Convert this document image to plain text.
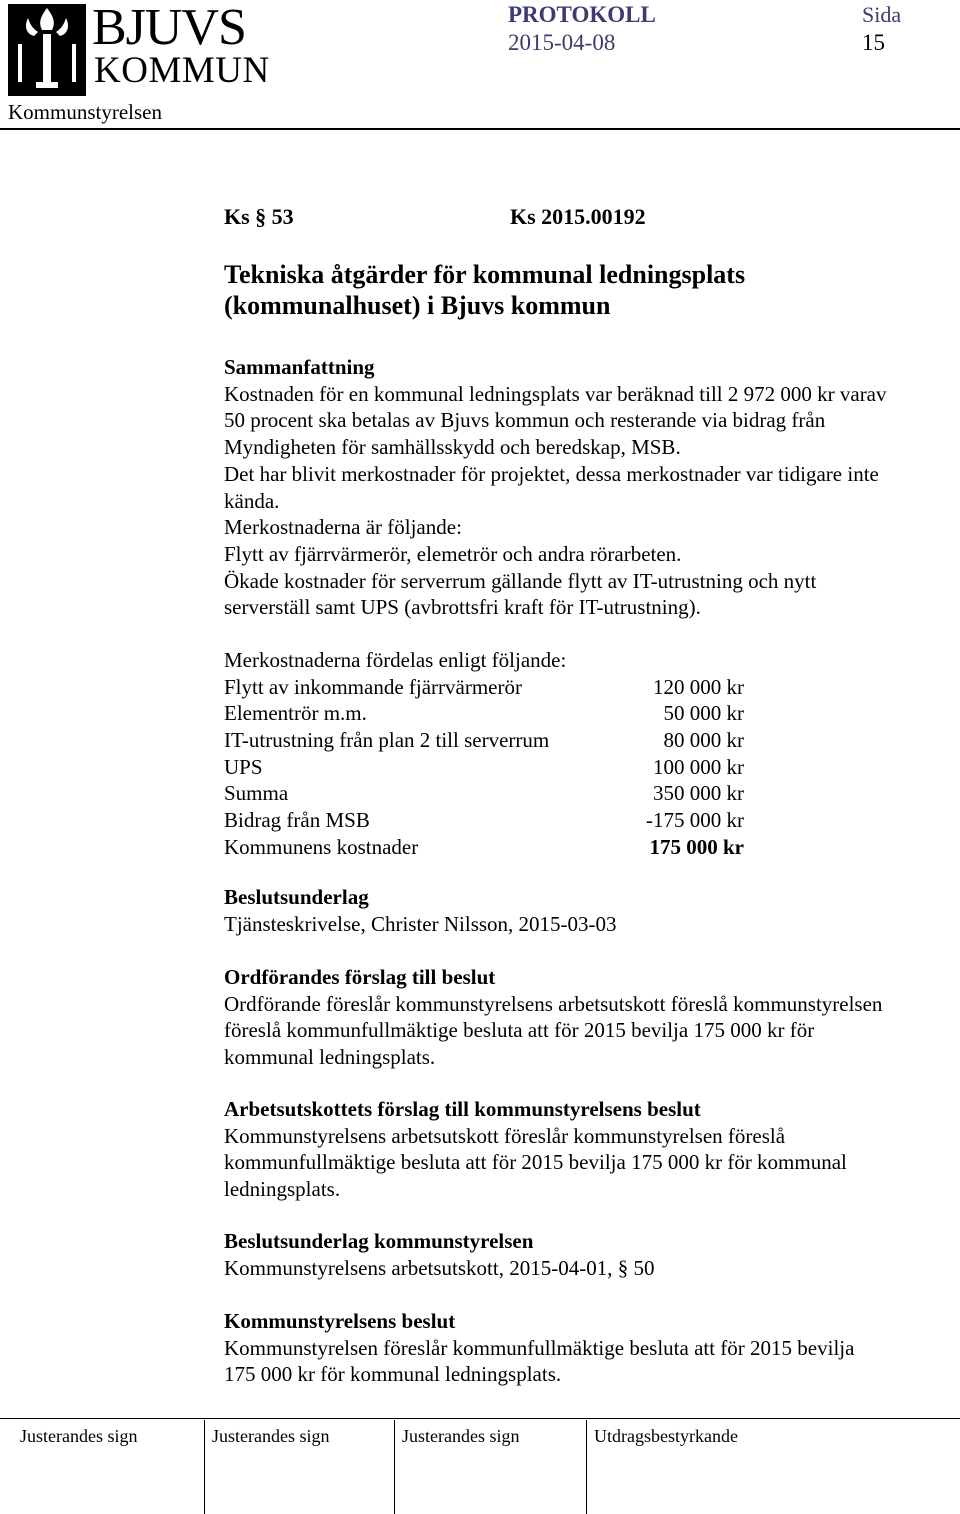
BJUVS
KOMMUN
PROTOKOLL
2015-04-08
Sida
15
Kommunstyrelsen
Ks § 53	Ks 2015.00192
Tekniska åtgärder för kommunal ledningsplats
(kommunalhuset) i Bjuvs kommun
Sammanfattning
Kostnaden för en kommunal ledningsplats var beräknad till 2 972 000 kr varav
50 procent ska betalas av Bjuvs kommun och resterande via bidrag från
Myndigheten för samhällsskydd och beredskap, MSB.
Det har blivit merkostnader för projektet, dessa merkostnader var tidigare inte
kända.
Merkostnaderna är följande:
Flytt av fjärrvärmerör, elemetrör och andra rörarbeten.
Ökade kostnader för serverrum gällande flytt av IT-utrustning och nytt
serverställ samt UPS (avbrottsfri kraft för IT-utrustning).
Merkostnaderna fördelas enligt följande:
Flytt av inkommande fjärrvärmerör	120 000 kr
Elementrör m.m.	50 000 kr
IT-utrustning från plan 2 till serverrum	80 000 kr
UPS	100 000 kr
Summa	350 000 kr
Bidrag från MSB	-175 000 kr
Kommunens kostnader	175 000 kr
Beslutsunderlag
Tjänsteskrivelse, Christer Nilsson, 2015-03-03
Ordförandes förslag till beslut
Ordförande föreslår kommunstyrelsens arbetsutskott föreslå kommunstyrelsen
föreslå kommunfullmäktige besluta att för 2015 bevilja 175 000 kr för
kommunal ledningsplats.
Arbetsutskottets förslag till kommunstyrelsens beslut
Kommunstyrelsens arbetsutskott föreslår kommunstyrelsen föreslå
kommunfullmäktige besluta att för 2015 bevilja 175 000 kr för kommunal
ledningsplats.
Beslutsunderlag kommunstyrelsen
Kommunstyrelsens arbetsutskott, 2015-04-01, § 50
Kommunstyrelsens beslut
Kommunstyrelsen föreslår kommunfullmäktige besluta att för 2015 bevilja
175 000 kr för kommunal ledningsplats.
Justerandes sign	Justerandes sign	Justerandes sign	Utdragsbestyrkande
